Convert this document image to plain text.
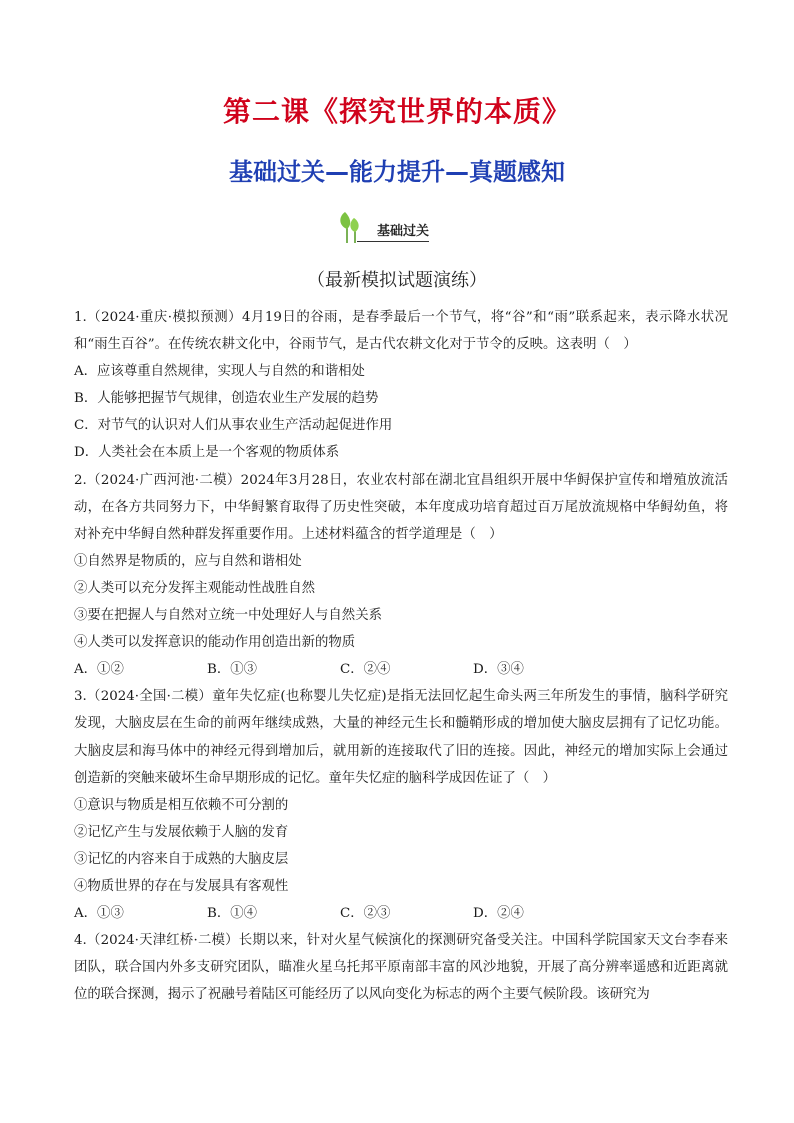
第二课《探究世界的本质》
基础过关—能力提升—真题感知
基础过关
（最新模拟试题演练）

1.（2024·重庆·模拟预测）4月19日的谷雨，是春季最后一个节气，将“谷”和“雨”联系起来，表示降水状况和“雨生百谷”。在传统农耕文化中，谷雨节气，是古代农耕文化对于节令的反映。这表明（　）

A．应该尊重自然规律，实现人与自然的和谐相处

B．人能够把握节气规律，创造农业生产发展的趋势

C．对节气的认识对人们从事农业生产活动起促进作用

D．人类社会在本质上是一个客观的物质体系

2.（2024·广西河池·二模）2024年3月28日，农业农村部在湖北宜昌组织开展中华鲟保护宣传和增殖放流活动，在各方共同努力下，中华鲟繁育取得了历史性突破，本年度成功培育超过百万尾放流规格中华鲟幼鱼，将对补充中华鲟自然种群发挥重要作用。上述材料蕴含的哲学道理是（　）

①自然界是物质的，应与自然和谐相处

②人类可以充分发挥主观能动性战胜自然

③要在把握人与自然对立统一中处理好人与自然关系

④人类可以发挥意识的能动作用创造出新的物质

A．①②	B．①③	C．②④	D．③④

3.（2024·全国·二模）童年失忆症(也称婴儿失忆症)是指无法回忆起生命头两三年所发生的事情，脑科学研究发现，大脑皮层在生命的前两年继续成熟，大量的神经元生长和髓鞘形成的增加使大脑皮层拥有了记忆功能。大脑皮层和海马体中的神经元得到增加后，就用新的连接取代了旧的连接。因此，神经元的增加实际上会通过创造新的突触来破坏生命早期形成的记忆。童年失忆症的脑科学成因佐证了（　）

①意识与物质是相互依赖不可分割的

②记忆产生与发展依赖于人脑的发育

③记忆的内容来自于成熟的大脑皮层

④物质世界的存在与发展具有客观性

A．①③	B．①④	C．②③	D．②④

4.（2024·天津红桥·二模）长期以来，针对火星气候演化的探测研究备受关注。中国科学院国家天文台李春来团队，联合国内外多支研究团队，瞄准火星乌托邦平原南部丰富的风沙地貌，开展了高分辨率遥感和近距离就位的联合探测，揭示了祝融号着陆区可能经历了以风向变化为标志的两个主要气候阶段。该研究为
